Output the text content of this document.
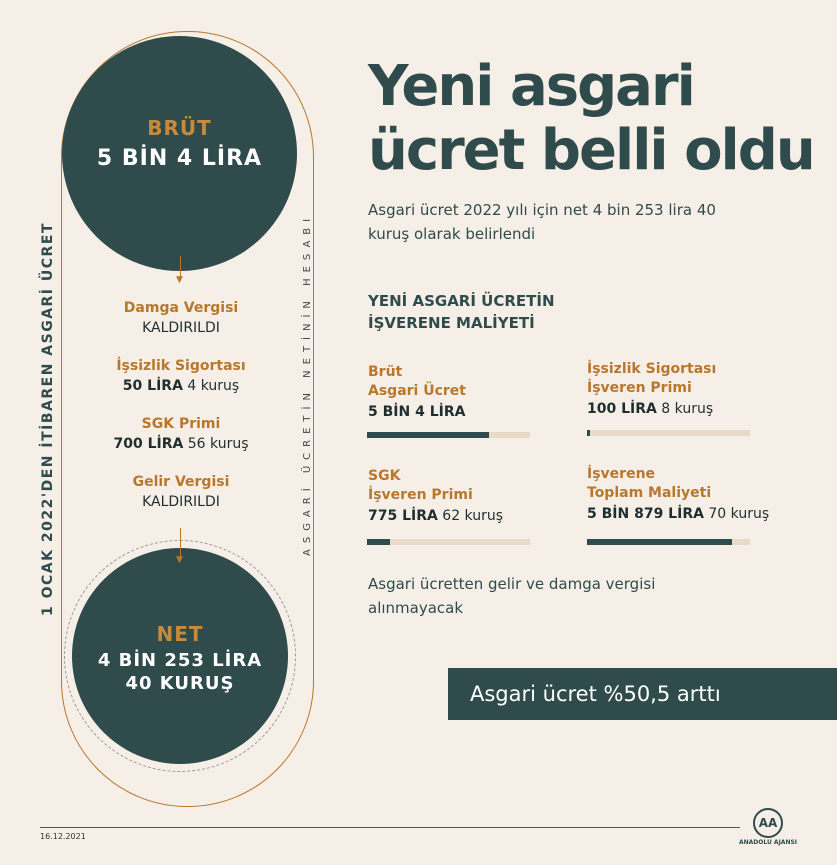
BRÜT
5 BİN 4 LİRA
NET
4 BİN 253 LİRA
40 KURUŞ
▼
▼
Damga Vergisi
KALDIRILDI
İşsizlik Sigortası
50 LİRA 4 kuruş
SGK Primi
700 LİRA 56 kuruş
Gelir Vergisi
KALDIRILDI
1 OCAK 2022'DEN İTİBAREN ASGARİ ÜCRET	ASGARİ ÜCRETİN NETİNİN HESABI
Yeni asgari
ücret belli oldu
Asgari ücret 2022 yılı için net 4 bin 253 lira 40 kuruş olarak belirlendi
YENİ ASGARİ ÜCRETİN
İŞVERENE MALİYETİ
Brüt
Asgari Ücret
5 BİN 4 LİRA
İşsizlik Sigortası
İşveren Primi
100 LİRA 8 kuruş
SGK
İşveren Primi
775 LİRA 62 kuruş
İşverene
Toplam Maliyeti
5 BİN 879 LİRA 70 kuruş
Asgari ücretten gelir ve damga vergisi alınmayacak
Asgari ücret %50,5 arttı
16.12.2021
AA
ANADOLU AJANSI
